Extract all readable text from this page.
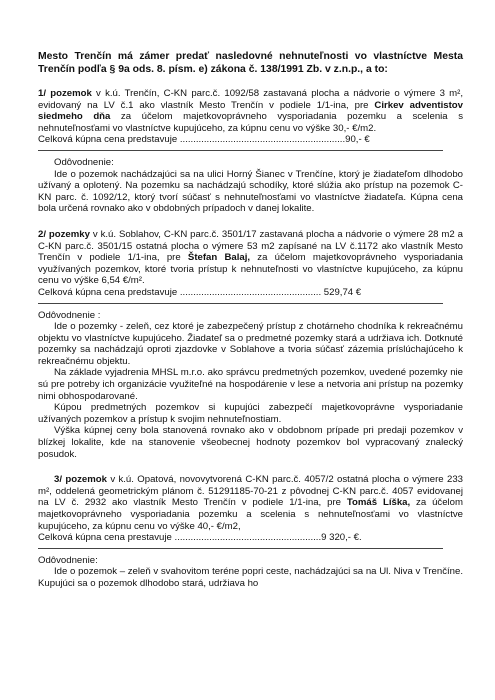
Mesto Trenčín má zámer predať nasledovné nehnuteľnosti vo vlastníctve Mesta Trenčín podľa § 9a ods. 8. písm. e) zákona č. 138/1991 Zb. v z.n.p., a to:

1/ pozemok v k.ú. Trenčín, C-KN parc.č. 1092/58 zastavaná plocha a nádvorie o výmere 3 m², evidovaný na LV č.1 ako vlastník Mesto Trenčín v podiele 1/1-ina, pre Cirkev adventistov siedmeho dňa za účelom majetkovoprávneho vysporiadania pozemku a scelenia s nehnuteľnosťami vo vlastníctve kupujúceho, za kúpnu cenu vo výške 30,- €/m2.

Celková kúpna cena predstavuje ..............................................................90,- €

Odôvodnenie:

Ide o pozemok nachádzajúci sa na ulici Horný Šianec v Trenčíne, ktorý je žiadateľom dlhodobo užívaný a oplotený. Na pozemku sa nachádzajú schodíky, ktoré slúžia ako prístup na pozemok C-KN parc. č. 1092/12, ktorý tvorí súčasť s nehnuteľnosťami vo vlastníctve žiadateľa. Kúpna cena bola určená rovnako ako v obdobných prípadoch v danej lokalite.

2/ pozemky v k.ú. Soblahov, C-KN parc.č. 3501/17 zastavaná plocha a nádvorie o výmere 28 m2 a C-KN parc.č. 3501/15 ostatná plocha o výmere 53 m2 zapísané na LV č.1172 ako vlastník Mesto Trenčín v podiele 1/1-ina, pre Štefan Balaj, za účelom majetkovoprávneho vysporiadania využívaných pozemkov, ktoré tvoria prístup k nehnuteľnosti vo vlastníctve kupujúceho, za kúpnu cenu vo výške 6,54 €/m².

Celková kúpna cena predstavuje ..................................................... 529,74 €

Odôvodnenie :

Ide o pozemky - zeleň, cez ktoré je zabezpečený prístup z chotárneho chodníka k rekreačnému objektu vo vlastníctve kupujúceho. Žiadateľ sa o predmetné pozemky stará a udržiava ich. Dotknuté pozemky sa nachádzajú oproti zjazdovke v Soblahove a tvoria súčasť zázemia príslúchajúceho k rekreačnému objektu.

Na základe vyjadrenia MHSL m.r.o. ako správcu predmetných pozemkov, uvedené pozemky nie sú pre potreby ich organizácie využiteľné na hospodárenie v lese a netvoria ani prístup na pozemky nimi obhospodarované.

Kúpou predmetných pozemkov si kupujúci zabezpečí majetkovoprávne vysporiadanie užívaných pozemkov a prístup k svojim nehnuteľnostiam.

Výška kúpnej ceny bola stanovená rovnako ako v obdobnom prípade pri predaji pozemkov v blízkej lokalite, kde na stanovenie všeobecnej hodnoty pozemkov bol vypracovaný znalecký posudok.

3/ pozemok v k.ú. Opatová, novovytvorená C-KN parc.č. 4057/2 ostatná plocha o výmere 233 m², oddelená geometrickým plánom č. 51291185-70-21 z pôvodnej C-KN parc.č. 4057 evidovanej na LV č. 2932 ako vlastník Mesto Trenčín v podiele 1/1-ina, pre Tomáš Líška, za účelom majetkovoprávneho vysporiadania pozemku a scelenia s nehnuteľnosťami vo vlastníctve kupujúceho, za kúpnu cenu vo výške 40,- €/m2,

Celková kúpna cena prestavuje .......................................................9 320,- €.

Odôvodnenie:

Ide o pozemok – zeleň v svahovitom teréne popri ceste, nachádzajúci sa na Ul. Niva v Trenčíne. Kupujúci sa o pozemok dlhodobo stará, udržiava ho
